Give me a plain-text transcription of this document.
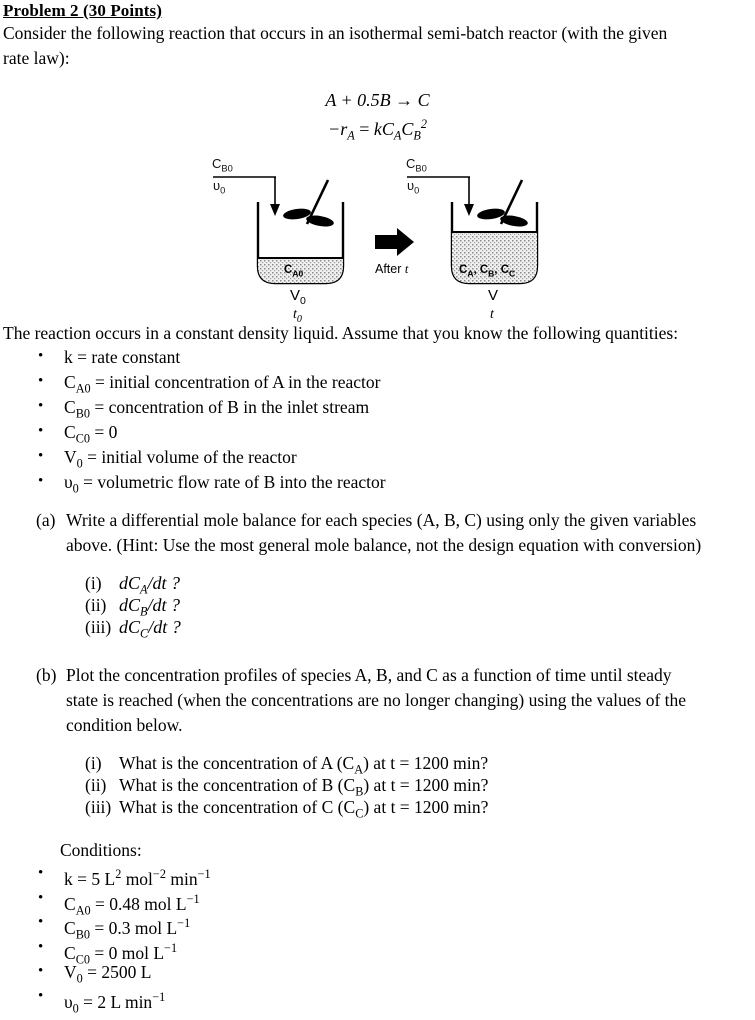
Problem 2 (30 Points)
Consider the following reaction that occurs in an isothermal semi-batch reactor (with the given
rate law):
A + 0.5B → C
$-r_A = kC_AC_B^2$
$C_{B0}$
$\upsilon_0$
$C_{A0}$
$V_0$
$t_0$
After t
$C_{B0}$
$\upsilon_0$
$C_A$, $C_B$, $C_C$
V
t
The reaction occurs in a constant density liquid. Assume that you know the following quantities:
• k = rate constant
• $C_{A0}$ = initial concentration of A in the reactor
• $C_{B0}$ = concentration of B in the inlet stream
• $C_{C0} = 0$
• $V_0$ = initial volume of the reactor
• $\upsilon_0$ = volumetric flow rate of B into the reactor
(a) Write a differential mole balance for each species (A, B, C) using only the given variables
above. (Hint: Use the most general mole balance, not the design equation with conversion)
(i) $dC_A/dt$ ?
(ii) $dC_B/dt$ ?
(iii) $dC_C/dt$ ?
(b) Plot the concentration profiles of species A, B, and C as a function of time until steady
state is reached (when the concentrations are no longer changing) using the values of the
condition below.
(i) What is the concentration of A $(C_A)$ at t = 1200 min?
(ii) What is the concentration of B $(C_B)$ at t = 1200 min?
(iii) What is the concentration of C $(C_C)$ at t = 1200 min?
Conditions:
• k = 5 $L^2$ mol$^{-2}$ $\min^{-1}$
• $C_{A0} = 0.48$ mol $L^{-1}$
• $C_{B0} = 0.3$ mol $L^{-1}$
• $C_{C0} = 0$ mol $L^{-1}$
• $V_0 = 2500$ L
• $\upsilon_0 = 2$ L $\min^{-1}$
